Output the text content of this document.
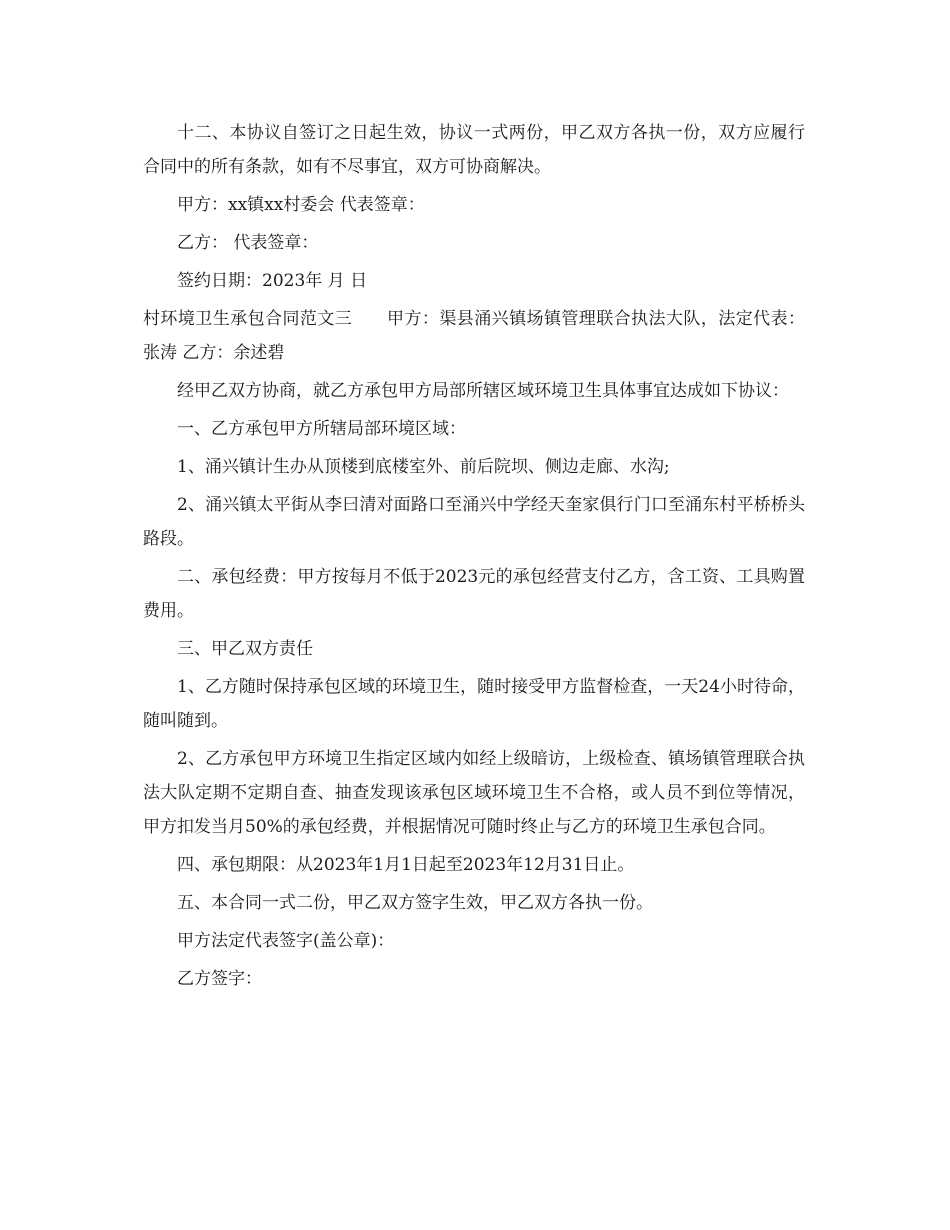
十二、本协议自签订之日起生效，协议一式两份，甲乙双方各执一份，双方应履行合同中的所有条款，如有不尽事宜，双方可协商解决。

甲方：xx镇xx村委会 代表签章：

乙方： 代表签章：

签约日期：2023年 月 日

村环境卫生承包合同范文三　　甲方：渠县涌兴镇场镇管理联合执法大队，法定代表：张涛 乙方：余述碧

经甲乙双方协商，就乙方承包甲方局部所辖区域环境卫生具体事宜达成如下协议：

一、乙方承包甲方所辖局部环境区域：

1、涌兴镇计生办从顶楼到底楼室外、前后院坝、侧边走廊、水沟;

2、涌兴镇太平街从李曰清对面路口至涌兴中学经天奎家俱行门口至涌东村平桥桥头路段。

二、承包经费：甲方按每月不低于2023元的承包经营支付乙方，含工资、工具购置费用。

三、甲乙双方责任

1、乙方随时保持承包区域的环境卫生，随时接受甲方监督检查，一天24小时待命，随叫随到。

2、乙方承包甲方环境卫生指定区域内如经上级暗访，上级检查、镇场镇管理联合执法大队定期不定期自查、抽查发现该承包区域环境卫生不合格，或人员不到位等情况，甲方扣发当月50%的承包经费，并根据情况可随时终止与乙方的环境卫生承包合同。

四、承包期限：从2023年1月1日起至2023年12月31日止。

五、本合同一式二份，甲乙双方签字生效，甲乙双方各执一份。

甲方法定代表签字(盖公章)：

乙方签字：
